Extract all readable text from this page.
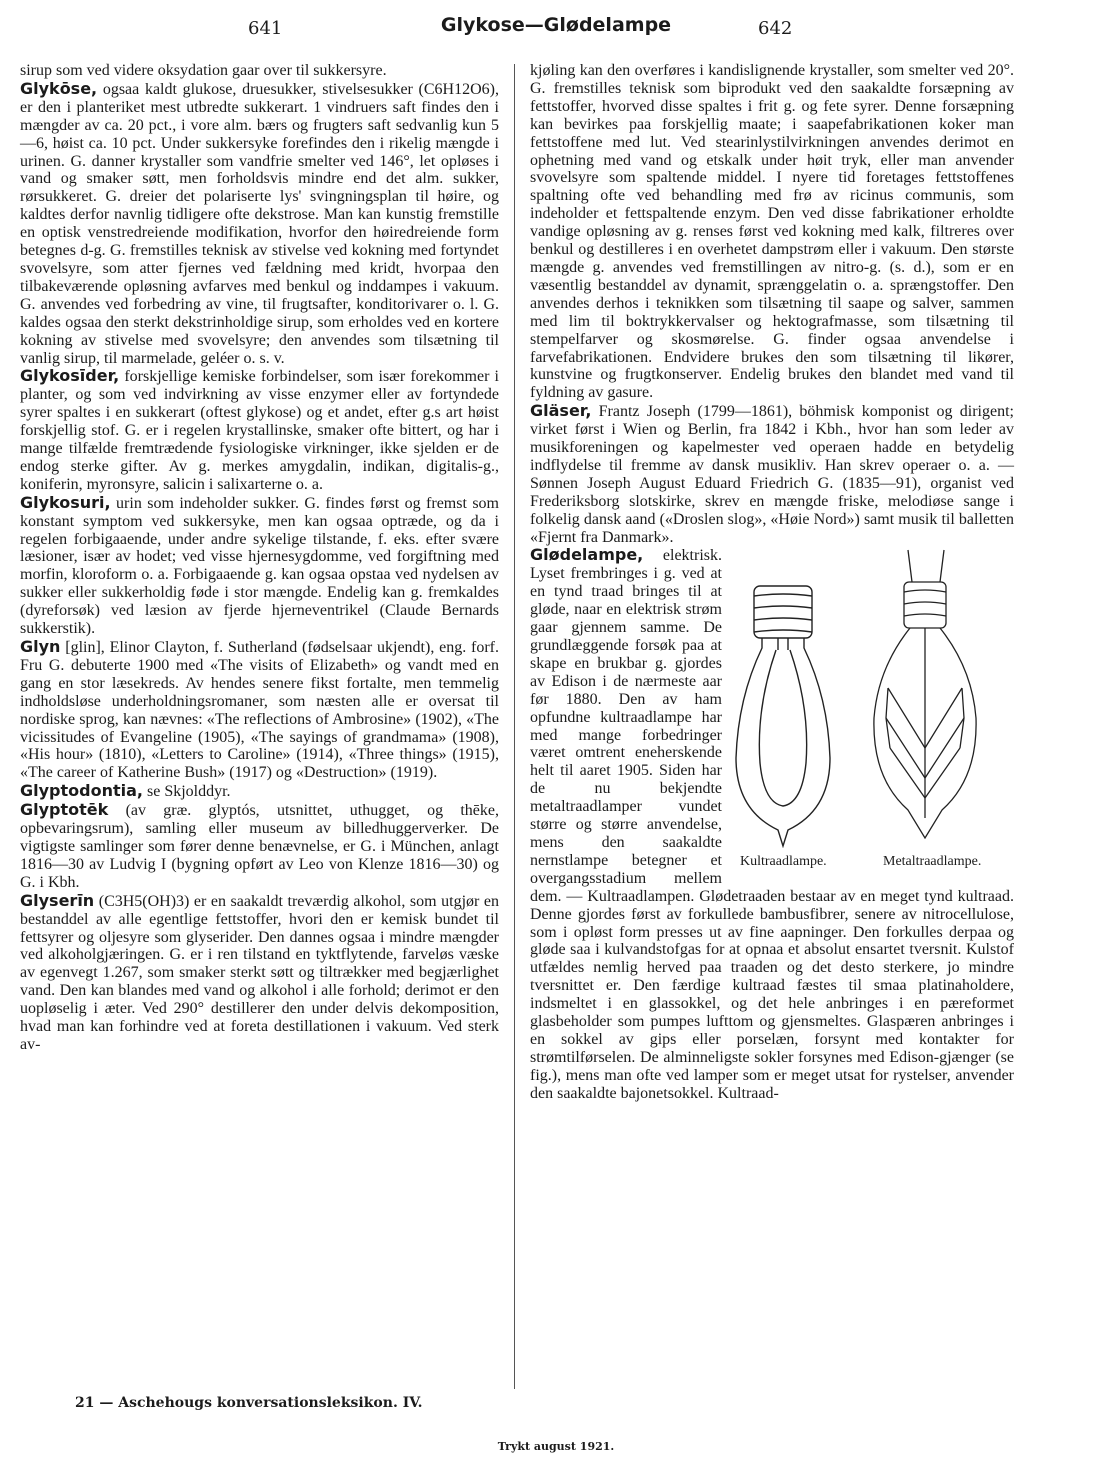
641	Glykose—Glødelampe	642

sirup som ved videre oksydation gaar over til sukkersyre.

Glykōse, ogsaa kaldt glukose, druesukker, stivelsesukker (C6H12O6), er den i planteriket mest utbredte sukkerart. 1 vindruers saft findes den i mængder av ca. 20 pct., i vore alm. bærs og frugters saft sedvanlig kun 5—6, høist ca. 10 pct. Under sukkersyke forefindes den i rikelig mængde i urinen. G. danner krystaller som vandfrie smelter ved 146°, let opløses i vand og smaker søtt, men forholdsvis mindre end det alm. sukker, rørsukkeret. G. dreier det polariserte lys' svingningsplan til høire, og kaldtes derfor navnlig tidligere ofte dekstrose. Man kan kunstig fremstille en optisk venstredreiende modifikation, hvorfor den høiredreiende form betegnes d-g. G. fremstilles teknisk av stivelse ved kokning med fortyndet svovelsyre, som atter fjernes ved fældning med kridt, hvorpaa den tilbakeværende opløsning avfarves med benkul og inddampes i vakuum. G. anvendes ved forbedring av vine, til frugtsafter, konditorivarer o. l. G. kaldes ogsaa den sterkt dekstrinholdige sirup, som erholdes ved en kortere kokning av stivelse med svovelsyre; den anvendes som tilsætning til vanlig sirup, til marmelade, geléer o. s. v.

Glykosīder, forskjellige kemiske forbindelser, som især forekommer i planter, og som ved indvirkning av visse enzymer eller av fortyndede syrer spaltes i en sukkerart (oftest glykose) og et andet, efter g.s art høist forskjellig stof. G. er i regelen krystallinske, smaker ofte bittert, og har i mange tilfælde fremtrædende fysiologiske virkninger, ikke sjelden er de endog sterke gifter. Av g. merkes amygdalin, indikan, digitalis-g., koniferin, myronsyre, salicin i salixarterne o. a.

Glykosuri, urin som indeholder sukker. G. findes først og fremst som konstant symptom ved sukkersyke, men kan ogsaa optræde, og da i regelen forbigaaende, under andre sykelige tilstande, f. eks. efter svære læsioner, især av hodet; ved visse hjernesygdomme, ved forgiftning med morfin, kloroform o. a. Forbigaaende g. kan ogsaa opstaa ved nydelsen av sukker eller sukkerholdig føde i stor mængde. Endelig kan g. fremkaldes (dyreforsøk) ved læsion av fjerde hjerneventrikel (Claude Bernards sukkerstik).

Glyn [glin], Elinor Clayton, f. Sutherland (fødselsaar ukjendt), eng. forf. Fru G. debuterte 1900 med «The visits of Elizabeth» og vandt med en gang en stor læsekreds. Av hendes senere fikst fortalte, men temmelig indholdsløse underholdningsromaner, som næsten alle er oversat til nordiske sprog, kan nævnes: «The reflections of Ambrosine» (1902), «The vicissitudes of Evangeline (1905), «The sayings of grandmama» (1908), «His hour» (1810), «Letters to Caroline» (1914), «Three things» (1915), «The career of Katherine Bush» (1917) og «Destruction» (1919).

Glyptodontia, se Skjolddyr.

Glyptotēk (av græ. glyptós, utsnittet, uthugget, og thēke, opbevaringsrum), samling eller museum av billedhuggerverker. De vigtigste samlinger som fører denne benævnelse, er G. i München, anlagt 1816—30 av Ludvig I (bygning opført av Leo von Klenze 1816—30) og G. i Kbh.

Glyserīn (C3H5(OH)3) er en saakaldt treværdig alkohol, som utgjør en bestanddel av alle egentlige fettstoffer, hvori den er kemisk bundet til fettsyrer og oljesyre som glyserider. Den dannes ogsaa i mindre mængder ved alkoholgjæringen. G. er i ren tilstand en tyktflytende, farveløs væske av egenvegt 1.267, som smaker sterkt søtt og tiltrækker med begjærlighet vand. Den kan blandes med vand og alkohol i alle forhold; derimot er den uopløselig i æter. Ved 290° destillerer den under delvis dekomposition, hvad man kan forhindre ved at foreta destillationen i vakuum. Ved sterk av-

kjøling kan den overføres i kandislignende krystaller, som smelter ved 20°. G. fremstilles teknisk som biprodukt ved den saakaldte forsæpning av fettstoffer, hvorved disse spaltes i frit g. og fete syrer. Denne forsæpning kan bevirkes paa forskjellig maate; i saapefabrikationen koker man fettstoffene med lut. Ved stearinlystilvirkningen anvendes derimot en ophetning med vand og etskalk under høit tryk, eller man anvender svovelsyre som spaltende middel. I nyere tid foretages fettstoffenes spaltning ofte ved behandling med frø av ricinus communis, som indeholder et fettspaltende enzym. Den ved disse fabrikationer erholdte vandige opløsning av g. renses først ved kokning med kalk, filtreres over benkul og destilleres i en overhetet dampstrøm eller i vakuum. Den største mængde g. anvendes ved fremstillingen av nitro-g. (s. d.), som er en væsentlig bestanddel av dynamit, sprænggelatin o. a. sprængstoffer. Den anvendes derhos i teknikken som tilsætning til saape og salver, sammen med lim til boktrykkervalser og hektografmasse, som tilsætning til stempelfarver og skosmørelse. G. finder ogsaa anvendelse i farvefabrikationen. Endvidere brukes den som tilsætning til likører, kunstvine og frugtkonserver. Endelig brukes den blandet med vand til fyldning av gasure.

Gläser, Frantz Joseph (1799—1861), böhmisk komponist og dirigent; virket først i Wien og Berlin, fra 1842 i Kbh., hvor han som leder av musikforeningen og kapelmester ved operaen hadde en betydelig indflydelse til fremme av dansk musikliv. Han skrev operaer o. a. — Sønnen Joseph August Eduard Friedrich G. (1835—91), organist ved Frederiksborg slotskirke, skrev en mængde friske, melodiøse sange i folkelig dansk aand («Droslen slog», «Høie Nord») samt musik til balletten «Fjernt fra Danmark».

Kultraadlampe.	Metaltraadlampe.

Glødelampe, elektrisk. Lyset frembringes i g. ved at en tynd traad bringes til at gløde, naar en elektrisk strøm gaar gjennem samme. De grundlæggende forsøk paa at skape en brukbar g. gjordes av Edison i de nærmeste aar før 1880. Den av ham opfundne kultraadlampe har med mange forbedringer været omtrent eneherskende helt til aaret 1905. Siden har de nu bekjendte metaltraadlamper vundet større og større anvendelse, mens den saakaldte nernstlampe betegner et overgangsstadium mellem dem. — Kultraadlampen. Glødetraaden bestaar av en meget tynd kultraad. Denne gjordes først av forkullede bambusfibrer, senere av nitrocellulose, som i opløst form presses ut av fine aapninger. Den forkulles derpaa og gløde saa i kulvandstofgas for at opnaa et absolut ensartet tversnit. Kulstof utfældes nemlig herved paa traaden og det desto sterkere, jo mindre tversnittet er. Den færdige kultraad fæstes til smaa platinaholdere, indsmeltet i en glassokkel, og det hele anbringes i en pæreformet glasbeholder som pumpes lufttom og gjensmeltes. Glaspæren anbringes i en sokkel av gips eller porselæn, forsynt med kontakter for strømtilførselen. De alminneligste sokler forsynes med Edison-gjænger (se fig.), mens man ofte ved lamper som er meget utsat for rystelser, anvender den saakaldte bajonetsokkel. Kultraad-

21 — Aschehougs konversationsleksikon. IV.
Trykt august 1921.
